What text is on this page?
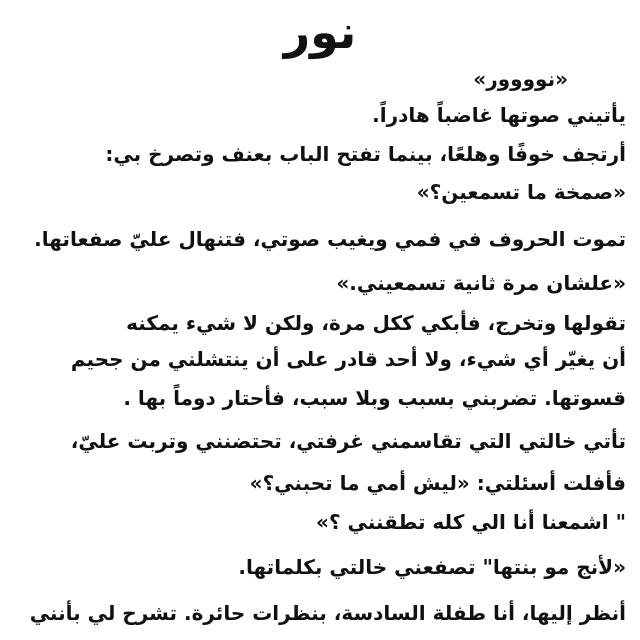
نور
«نوووور»
يأتيني صوتها غاضباً هادراً.
أرتجف خوفًا وهلعًا، بينما تفتح الباب بعنف وتصرخ بي:
«صمخة ما تسمعين؟»
تموت الحروف في فمي ويغيب صوتي، فتنهال عليّ صفعاتها.
«علشان مرة ثانية تسمعيني.»
تقولها وتخرج، فأبكي ككل مرة، ولكن لا شيء يمكنه
أن يغيّر أي شيء، ولا أحد قادر على أن ينتشلني من جحيم
قسوتها. تضربني بسبب وبلا سبب، فأحتار دوماً بها .
تأتي خالتي التي تقاسمني غرفتي، تحتضنني وتربت عليّ،
فأفلت أسئلتي: «ليش أمي ما تحبني؟»
" اشمعنا أنا الي كله تطقنني ؟»
«لأنج مو بنتها" تصفعني خالتي بكلماتها.
أنظر إليها، أنا طفلة السادسة، بنظرات حائرة. تشرح لي بأنني
